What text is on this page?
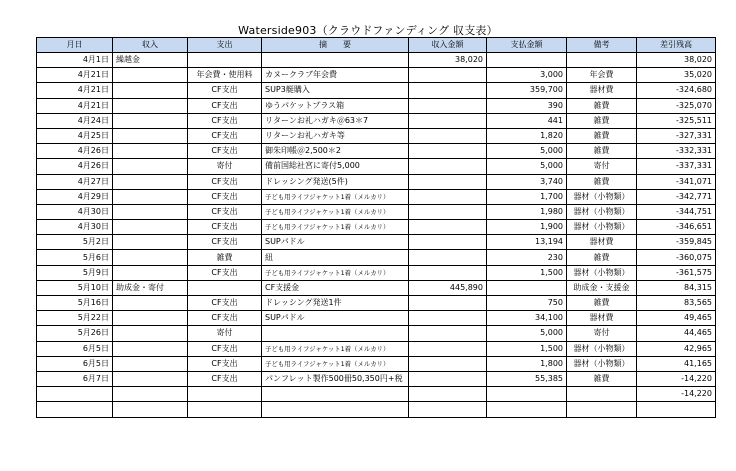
Waterside903（クラウドファンディング 収支表）
月日	収入	支出	摘　　要	収入金額	支払金額	備考	差引残高
4月1日	繰越金			38,020			38,020
4月21日		年会費・使用料	カヌークラブ年会費		3,000	年会費	35,020
4月21日		CF支出	SUP3艇購入		359,700	器材費	-324,680
4月21日		CF支出	ゆうパケットプラス箱		390	雑費	-325,070
4月24日		CF支出	リターンお礼ハガキ＠63＊7		441	雑費	-325,511
4月25日		CF支出	リターンお礼ハガキ等		1,820	雑費	-327,331
4月26日		CF支出	御朱印帳＠2,500＊2		5,000	雑費	-332,331
4月26日		寄付	備前国総社宮に寄付5,000		5,000	寄付	-337,331
4月27日		CF支出	ドレッシング発送(5件)		3,740	雑費	-341,071
4月29日		CF支出	子ども用ライフジャケット1着（メルカリ）		1,700	器材（小物類）	-342,771
4月30日		CF支出	子ども用ライフジャケット1着（メルカリ）		1,980	器材（小物類）	-344,751
4月30日		CF支出	子ども用ライフジャケット1着（メルカリ）		1,900	器材（小物類）	-346,651
5月2日		CF支出	SUPパドル		13,194	器材費	-359,845
5月6日		雑費	紐		230	雑費	-360,075
5月9日		CF支出	子ども用ライフジャケット1着（メルカリ）		1,500	器材（小物類）	-361,575
5月10日	助成金・寄付		CF支援金	445,890		助成金・支援金	84,315
5月16日		CF支出	ドレッシング発送1件		750	雑費	83,565
5月22日		CF支出	SUPパドル		34,100	器材費	49,465
5月26日		寄付			5,000	寄付	44,465
6月5日		CF支出	子ども用ライフジャケット1着（メルカリ）		1,500	器材（小物類）	42,965
6月5日		CF支出	子ども用ライフジャケット1着（メルカリ）		1,800	器材（小物類）	41,165
6月7日		CF支出	パンフレット製作500冊50,350円+税		55,385	雑費	-14,220
							-14,220
